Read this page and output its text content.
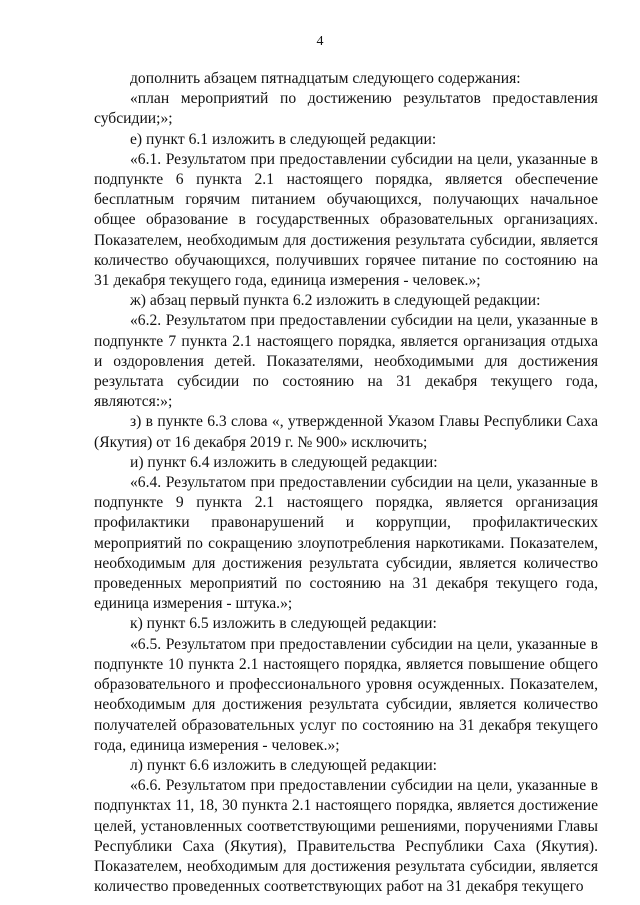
4

дополнить абзацем пятнадцатым следующего содержания:

«план мероприятий по достижению результатов предоставления субсидии;»;

е) пункт 6.1 изложить в следующей редакции:

«6.1. Результатом при предоставлении субсидии на цели, указанные в подпункте 6 пункта 2.1 настоящего порядка, является обеспечение бесплатным горячим питанием обучающихся, получающих начальное общее образование в государственных образовательных организациях. Показателем, необходимым для достижения результата субсидии, является количество обучающихся, получивших горячее питание по состоянию на 31 декабря текущего года, единица измерения - человек.»;

ж) абзац первый пункта 6.2 изложить в следующей редакции:

«6.2. Результатом при предоставлении субсидии на цели, указанные в подпункте 7 пункта 2.1 настоящего порядка, является организация отдыха и оздоровления детей. Показателями, необходимыми для достижения результата субсидии по состоянию на 31 декабря текущего года, являются:»;

з) в пункте 6.3 слова «, утвержденной Указом Главы Республики Саха (Якутия) от 16 декабря 2019 г. № 900» исключить;

и) пункт 6.4 изложить в следующей редакции:

«6.4. Результатом при предоставлении субсидии на цели, указанные в подпункте 9 пункта 2.1 настоящего порядка, является организация профилактики правонарушений и коррупции, профилактических мероприятий по сокращению злоупотребления наркотиками. Показателем, необходимым для достижения результата субсидии, является количество проведенных мероприятий по состоянию на 31 декабря текущего года, единица измерения - штука.»;

к) пункт 6.5 изложить в следующей редакции:

«6.5. Результатом при предоставлении субсидии на цели, указанные в подпункте 10 пункта 2.1 настоящего порядка, является повышение общего образовательного и профессионального уровня осужденных. Показателем, необходимым для достижения результата субсидии, является количество получателей образовательных услуг по состоянию на 31 декабря текущего года, единица измерения - человек.»;

л) пункт 6.6 изложить в следующей редакции:

«6.6. Результатом при предоставлении субсидии на цели, указанные в подпунктах 11, 18, 30 пункта 2.1 настоящего порядка, является достижение целей, установленных соответствующими решениями, поручениями Главы Республики Саха (Якутия), Правительства Республики Саха (Якутия). Показателем, необходимым для достижения результата субсидии, является количество проведенных соответствующих работ на 31 декабря текущего
